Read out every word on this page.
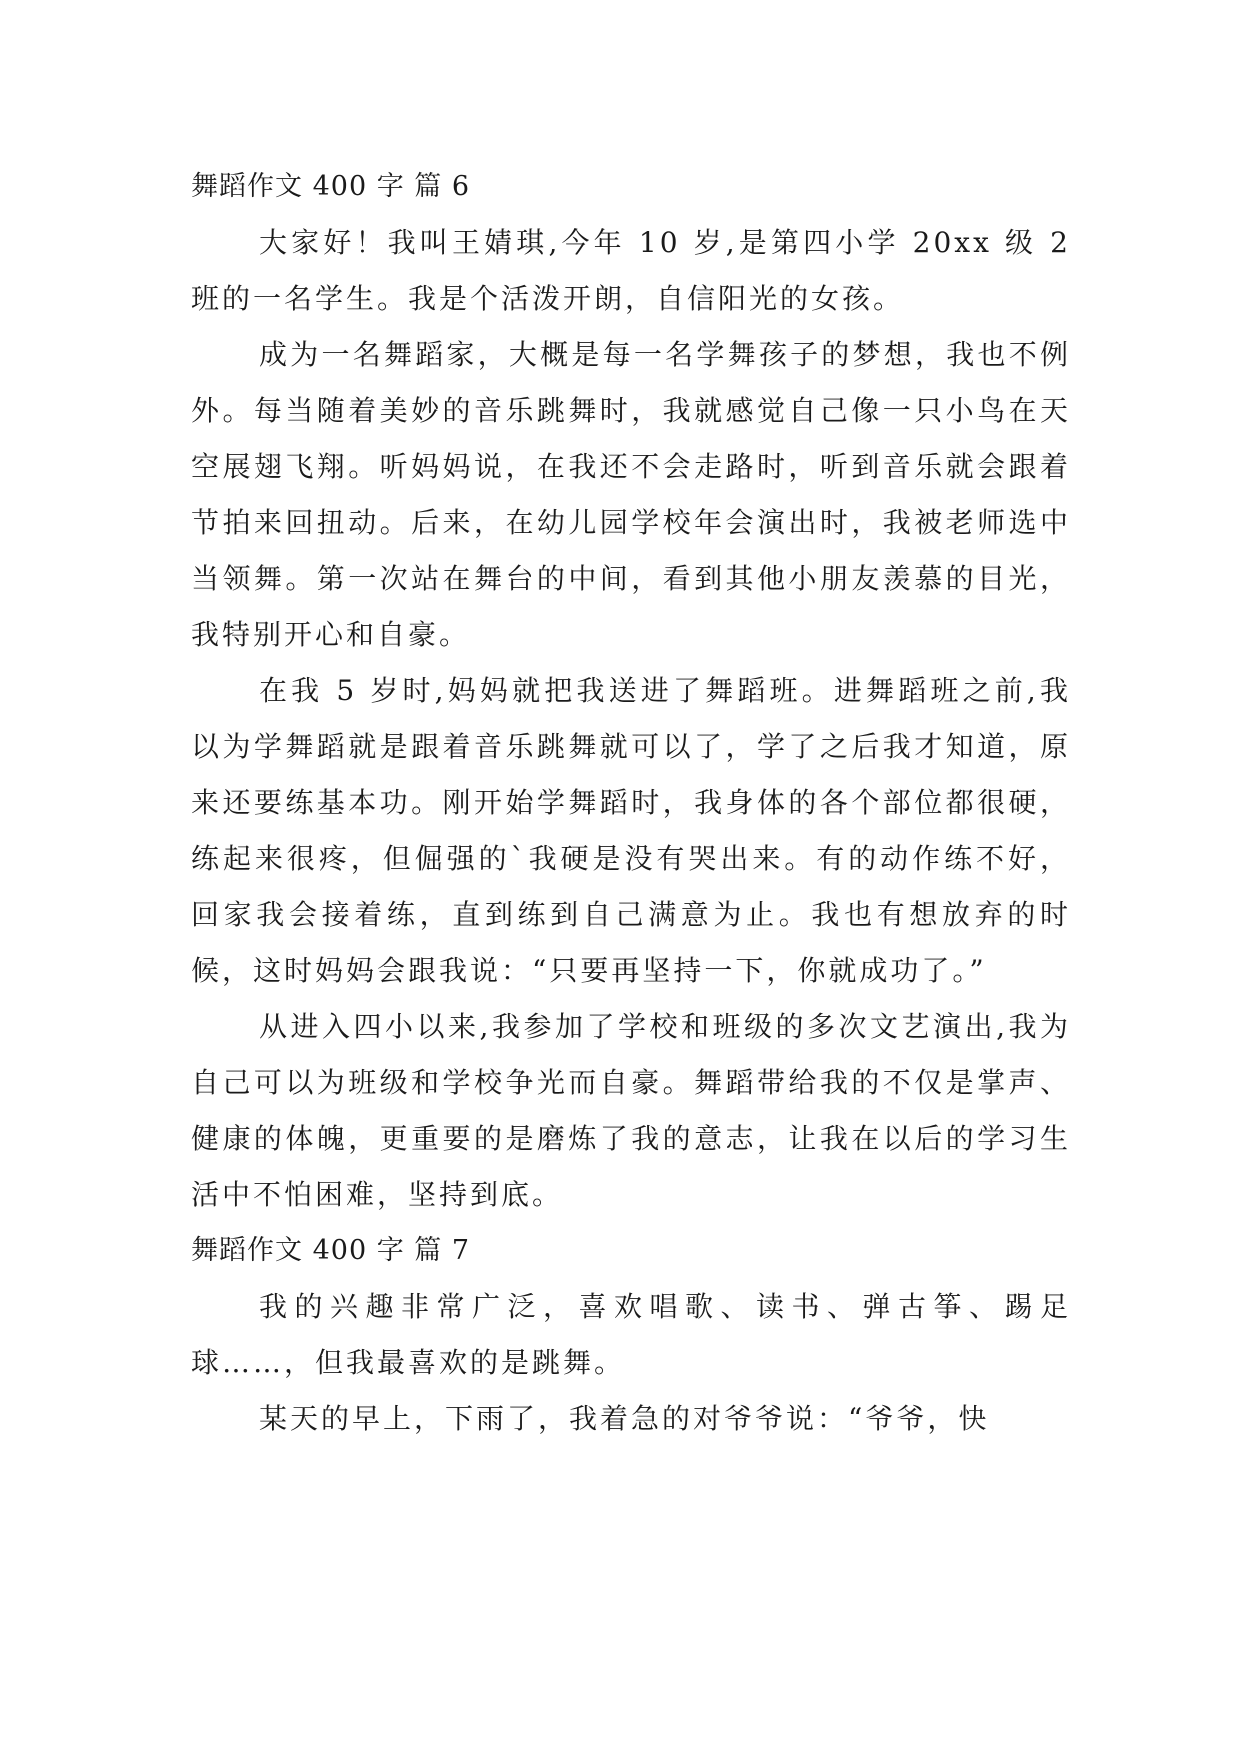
舞蹈作文 400 字 篇 6

大家好！我叫王婧琪,今年 10 岁,是第四小学 20xx 级 2 班的一名学生。我是个活泼开朗，自信阳光的女孩。

成为一名舞蹈家，大概是每一名学舞孩子的梦想，我也不例外。每当随着美妙的音乐跳舞时，我就感觉自己像一只小鸟在天空展翅飞翔。听妈妈说，在我还不会走路时，听到音乐就会跟着节拍来回扭动。后来，在幼儿园学校年会演出时，我被老师选中当领舞。第一次站在舞台的中间，看到其他小朋友羡慕的目光，我特别开心和自豪。

在我 5 岁时,妈妈就把我送进了舞蹈班。进舞蹈班之前,我以为学舞蹈就是跟着音乐跳舞就可以了，学了之后我才知道，原来还要练基本功。刚开始学舞蹈时，我身体的各个部位都很硬，练起来很疼，但倔强的`我硬是没有哭出来。有的动作练不好，回家我会接着练，直到练到自己满意为止。我也有想放弃的时候，这时妈妈会跟我说：“只要再坚持一下，你就成功了。”

从进入四小以来,我参加了学校和班级的多次文艺演出,我为自己可以为班级和学校争光而自豪。舞蹈带给我的不仅是掌声、健康的体魄，更重要的是磨炼了我的意志，让我在以后的学习生活中不怕困难，坚持到底。

舞蹈作文 400 字 篇 7

我的兴趣非常广泛，喜欢唱歌、读书、弹古筝、踢足球……，但我最喜欢的是跳舞。

某天的早上，下雨了，我着急的对爷爷说：“爷爷，快
